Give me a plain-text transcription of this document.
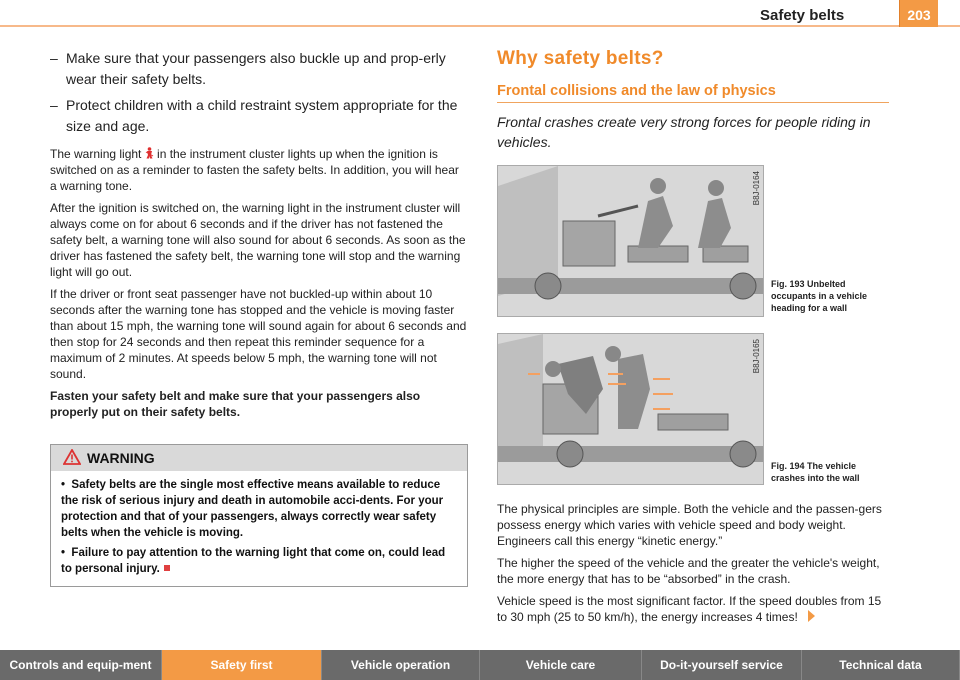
Safety belts	203
– Make sure that your passengers also buckle up and prop-erly wear their safety belts.
– Protect children with a child restraint system appropriate for the size and age.

The warning light  in the instrument cluster lights up when the ignition is switched on as a reminder to fasten the safety belts. In addition, you will hear a warning tone.

After the ignition is switched on, the warning light in the instrument cluster will always come on for about 6 seconds and if the driver has not fastened the safety belt, a warning tone will also sound for about 6 seconds. As soon as the driver has fastened the safety belt, the warning tone will stop and the warning light will go out.

If the driver or front seat passenger have not buckled-up within about 10 seconds after the warning tone has stopped and the vehicle is moving faster than about 15 mph, the warning tone will sound again for about 6 seconds and then stop for 24 seconds and then repeat this reminder sequence for a maximum of 2 minutes. At speeds below 5 mph, the warning tone will not sound.

Fasten your safety belt and make sure that your passengers also properly put on their safety belts.

WARNING

•  Safety belts are the single most effective means available to reduce the risk of serious injury and death in automobile acci-dents. For your protection and that of your passengers, always correctly wear safety belts when the vehicle is moving.

•  Failure to pay attention to the warning light that come on, could lead to personal injury.

Why safety belts?
Frontal collisions and the law of physics

Frontal crashes create very strong forces for people riding in vehicles.

B8J-0164
Fig. 193 Unbelted occupants in a vehicle heading for a wall
B8J-0165
Fig. 194 The vehicle crashes into the wall

The physical principles are simple. Both the vehicle and the passen-gers possess energy which varies with vehicle speed and body weight. Engineers call this energy “kinetic energy.”

The higher the speed of the vehicle and the greater the vehicle's weight, the more energy that has to be “absorbed” in the crash.

Vehicle speed is the most significant factor. If the speed doubles from 15 to 30 mph (25 to 50 km/h), the energy increases 4 times!

Controls and equip-ment	Safety first	Vehicle operation	Vehicle care	Do-it-yourself service	Technical data
